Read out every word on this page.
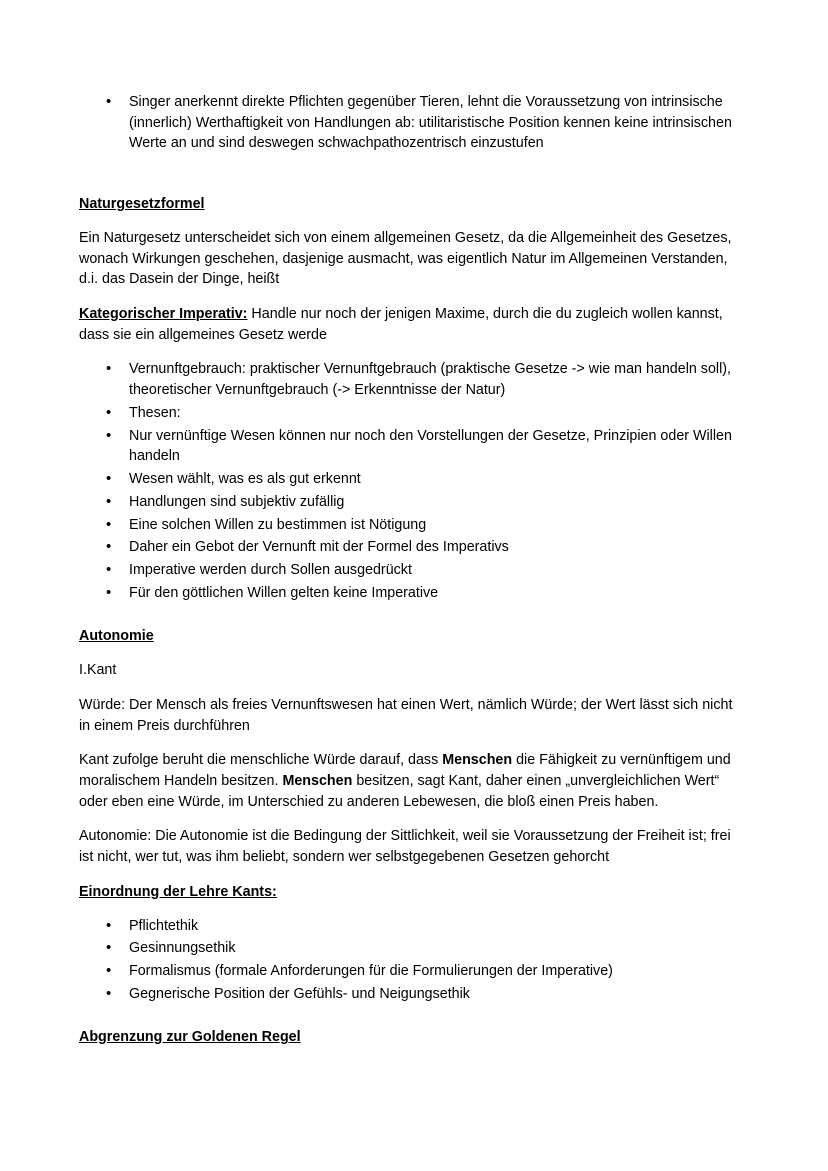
• Singer anerkennt direkte Pflichten gegenüber Tieren, lehnt die Voraussetzung von intrinsische (innerlich) Werthaftigkeit von Handlungen ab: utilitaristische Position kennen keine intrinsischen Werte an und sind deswegen schwachpathozentrisch einzustufen
Naturgesetzformel

Ein Naturgesetz unterscheidet sich von einem allgemeinen Gesetz, da die Allgemeinheit des Gesetzes, wonach Wirkungen geschehen, dasjenige ausmacht, was eigentlich Natur im Allgemeinen Verstanden, d.i. das Dasein der Dinge, heißt

Kategorischer Imperativ: Handle nur noch der jenigen Maxime, durch die du zugleich wollen kannst, dass sie ein allgemeines Gesetz werde

• Vernunftgebrauch: praktischer Vernunftgebrauch (praktische Gesetze -> wie man handeln soll), theoretischer Vernunftgebrauch (-> Erkenntnisse der Natur)
• Thesen:
• Nur vernünftige Wesen können nur noch den Vorstellungen der Gesetze, Prinzipien oder Willen handeln
• Wesen wählt, was es als gut erkennt
• Handlungen sind subjektiv zufällig
• Eine solchen Willen zu bestimmen ist Nötigung
• Daher ein Gebot der Vernunft mit der Formel des Imperativs
• Imperative werden durch Sollen ausgedrückt
• Für den göttlichen Willen gelten keine Imperative
Autonomie

I.Kant

Würde: Der Mensch als freies Vernunftswesen hat einen Wert, nämlich Würde; der Wert lässt sich nicht in einem Preis durchführen

Kant zufolge beruht die menschliche Würde darauf, dass Menschen die Fähigkeit zu vernünftigem und moralischem Handeln besitzen. Menschen besitzen, sagt Kant, daher einen „unvergleichlichen Wert“ oder eben eine Würde, im Unterschied zu anderen Lebewesen, die bloß einen Preis haben.

Autonomie: Die Autonomie ist die Bedingung der Sittlichkeit, weil sie Voraussetzung der Freiheit ist; frei ist nicht, wer tut, was ihm beliebt, sondern wer selbstgegebenen Gesetzen gehorcht

Einordnung der Lehre Kants:
• Pflichtethik
• Gesinnungsethik
• Formalismus (formale Anforderungen für die Formulierungen der Imperative)
• Gegnerische Position der Gefühls- und Neigungsethik
Abgrenzung zur Goldenen Regel
